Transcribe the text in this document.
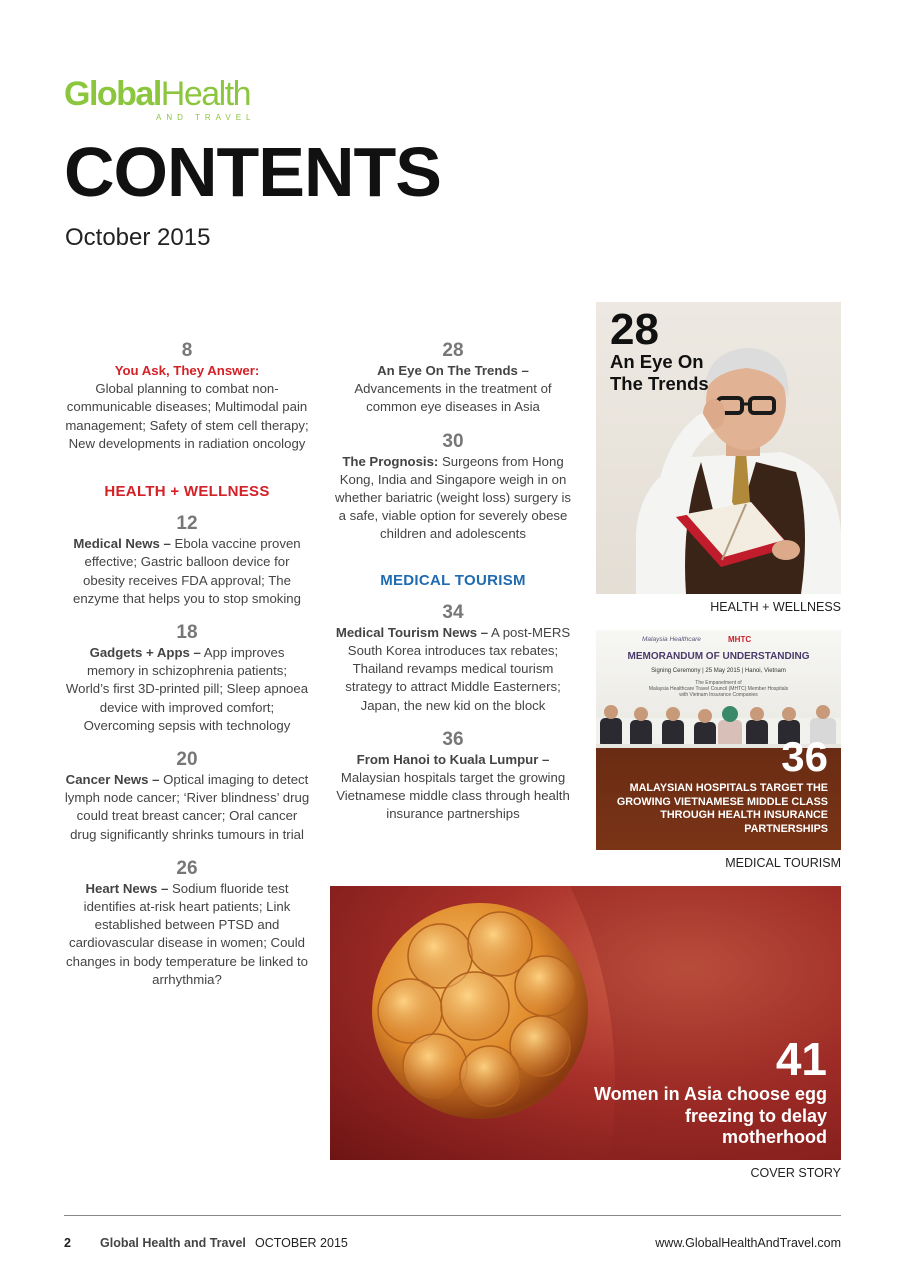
GlobalHealth
AND TRAVEL
CONTENTS
October 2015
8
You Ask, They Answer:
Global planning to combat non-communicable diseases; Multimodal pain management; Safety of stem cell therapy; New developments in radiation oncology
HEALTH + WELLNESS
12
Medical News – Ebola vaccine proven effective; Gastric balloon device for obesity receives FDA approval; The enzyme that helps you to stop smoking
18
Gadgets + Apps – App improves memory in schizophrenia patients; World’s first 3D-printed pill; Sleep apnoea device with improved comfort; Overcoming sepsis with technology
20
Cancer News – Optical imaging to detect lymph node cancer; ‘River blindness’ drug could treat breast cancer; Oral cancer drug significantly shrinks tumours in trial
26
Heart News – Sodium fluoride test identifies at-risk heart patients; Link established between PTSD and cardiovascular disease in women; Could changes in body temperature be linked to arrhythmia?
28
An Eye On The Trends –
Advancements in the treatment of common eye diseases in Asia
30
The Prognosis: Surgeons from Hong Kong, India and Singapore weigh in on whether bariatric (weight loss) surgery is a safe, viable option for severely obese children and adolescents
MEDICAL TOURISM
34
Medical Tourism News – A post-MERS South Korea introduces tax rebates; Thailand revamps medical tourism strategy to attract Middle Easterners; Japan, the new kid on the block
36
From Hanoi to Kuala Lumpur –
Malaysian hospitals target the growing Vietnamese middle class through health insurance partnerships
28
An Eye On The Trends
HEALTH + WELLNESS
Malaysia Healthcare	MHTC
MEMORANDUM OF UNDERSTANDING
Signing Ceremony | 25 May 2015 | Hanoi, Vietnam
The Empanelment of
Malaysia Healthcare Travel Council (MHTC) Member Hospitals
with Vietnam Insurance Companies
36
MALAYSIAN HOSPITALS TARGET THE GROWING VIETNAMESE MIDDLE CLASS THROUGH HEALTH INSURANCE PARTNERSHIPS
MEDICAL TOURISM
41
Women in Asia choose egg freezing to delay motherhood
COVER STORY
2 Global Health and Travel OCTOBER 2015	www.GlobalHealthAndTravel.com
